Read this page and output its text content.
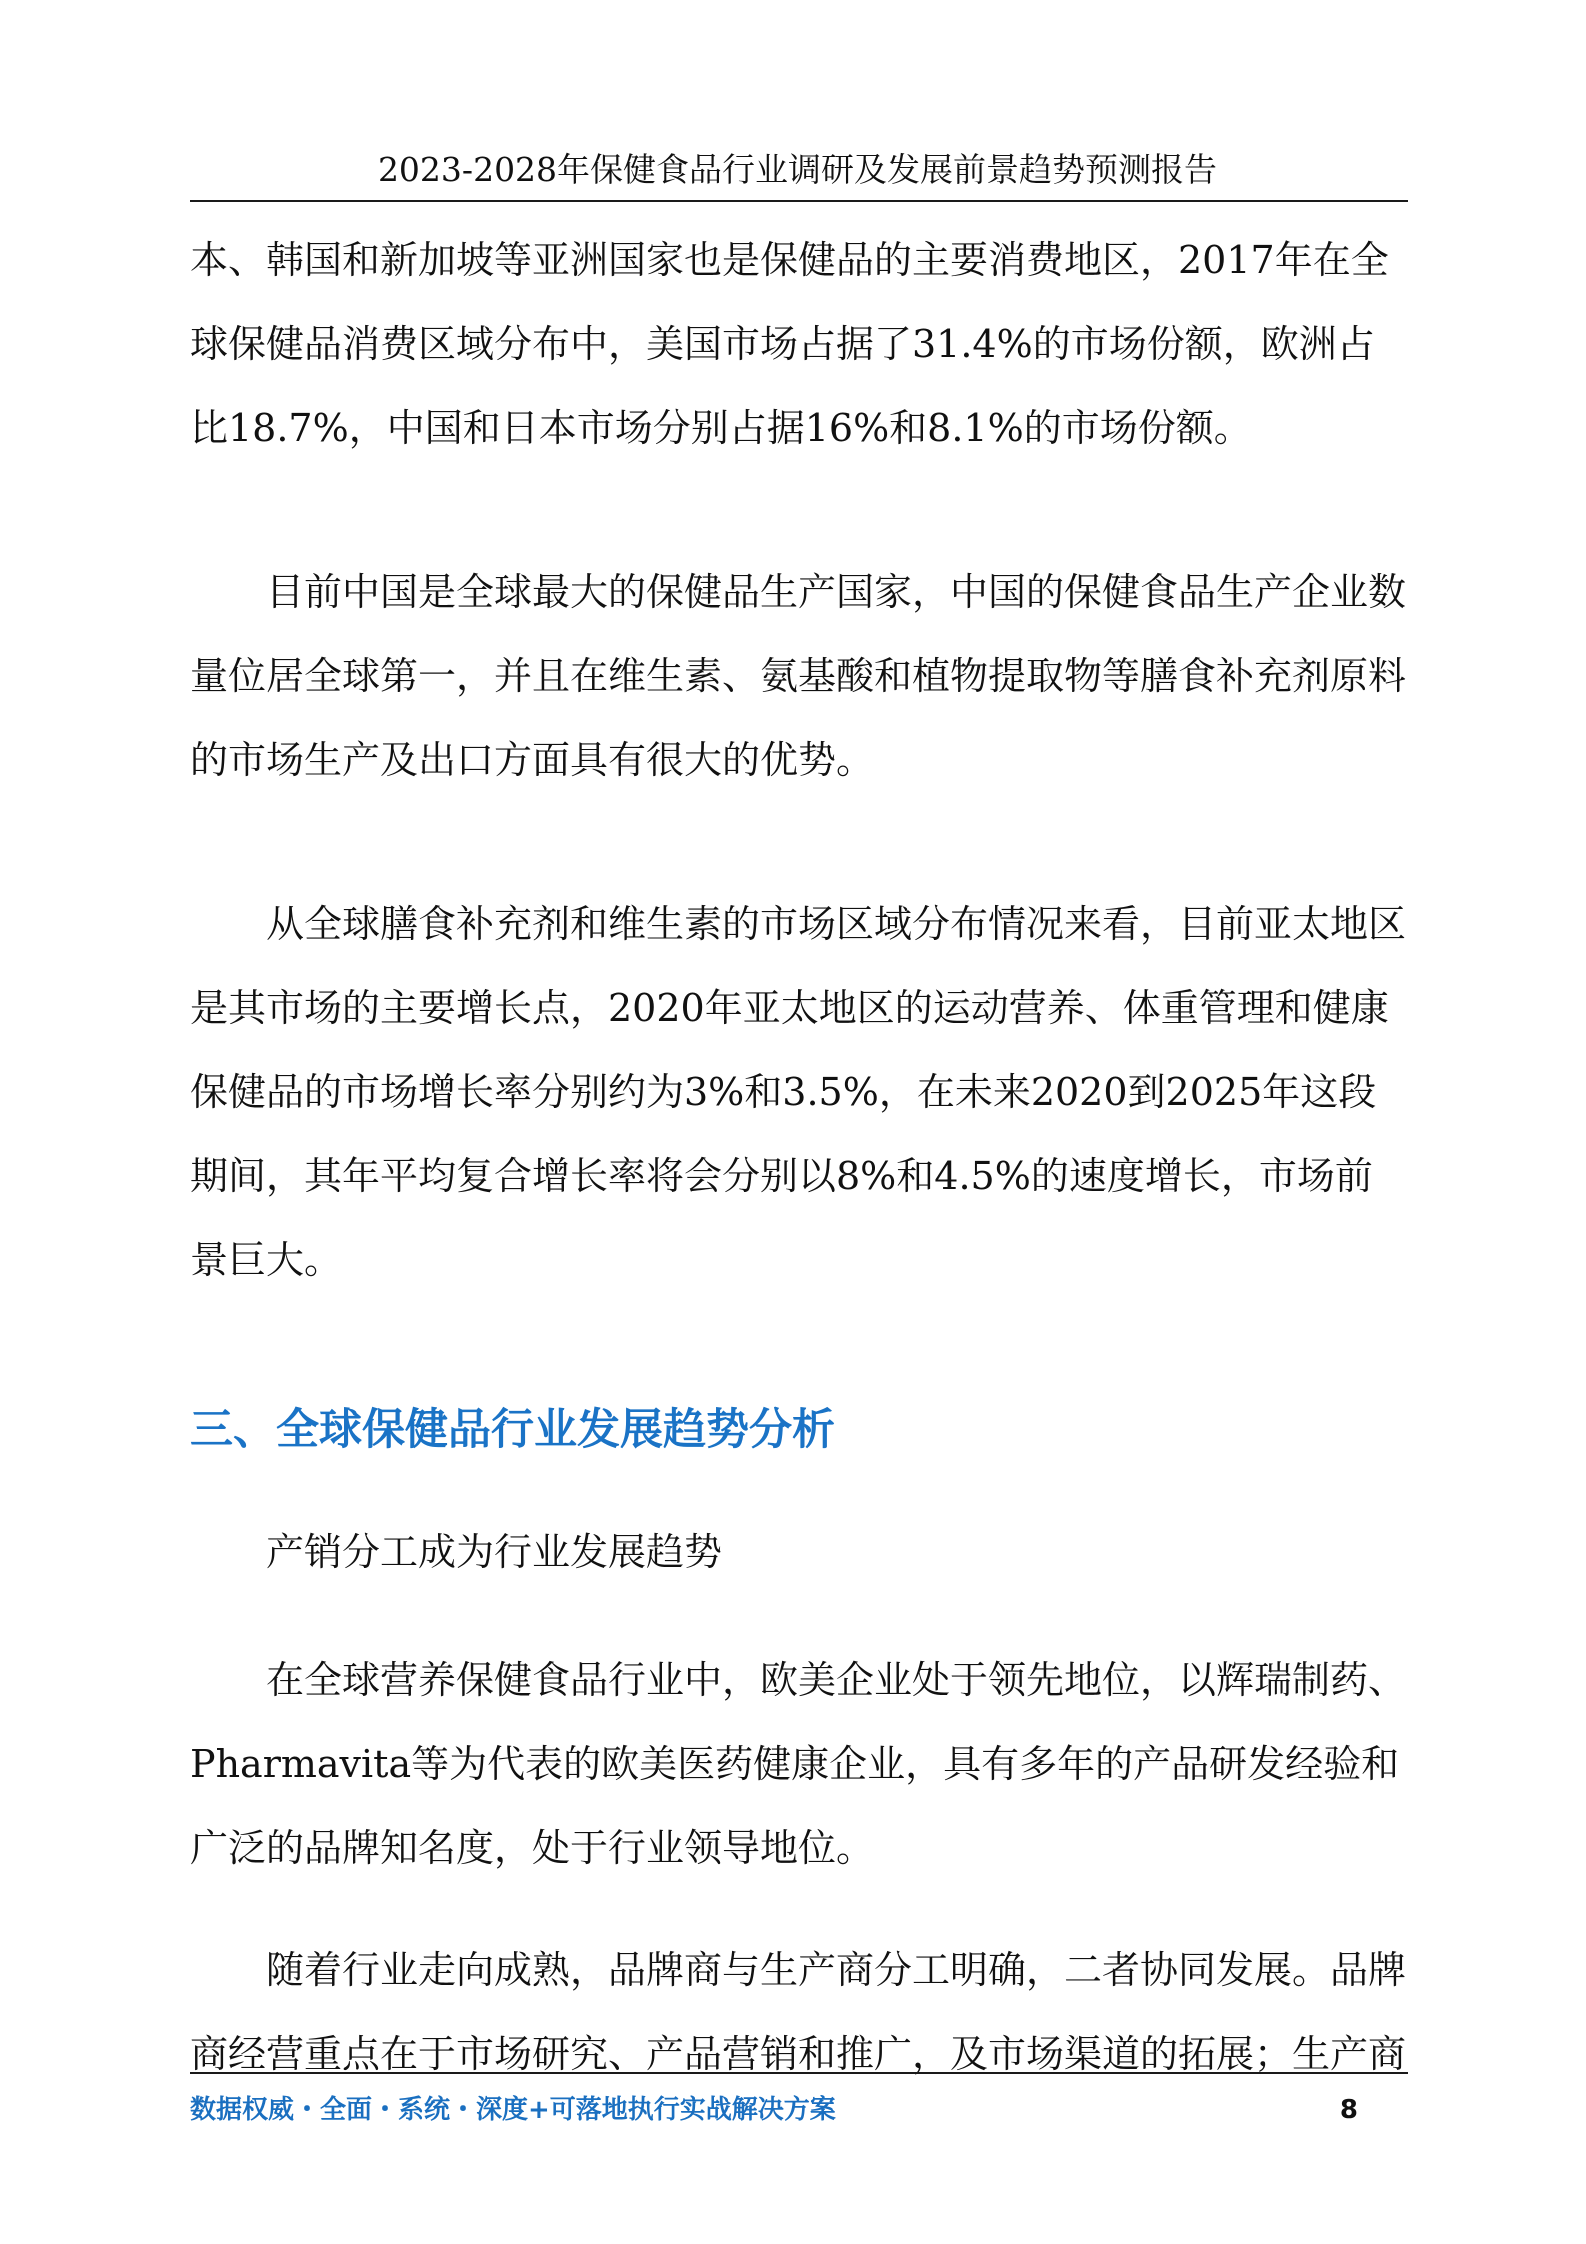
2023-2028年保健食品行业调研及发展前景趋势预测报告

本、韩国和新加坡等亚洲国家也是保健品的主要消费地区，2017年在全球保健品消费区域分布中，美国市场占据了31.4%的市场份额，欧洲占比18.7%，中国和日本市场分别占据16%和8.1%的市场份额。

目前中国是全球最大的保健品生产国家，中国的保健食品生产企业数量位居全球第一，并且在维生素、氨基酸和植物提取物等膳食补充剂原料的市场生产及出口方面具有很大的优势。

从全球膳食补充剂和维生素的市场区域分布情况来看，目前亚太地区是其市场的主要增长点，2020年亚太地区的运动营养、体重管理和健康保健品的市场增长率分别约为3%和3.5%，在未来2020到2025年这段期间，其年平均复合增长率将会分别以8%和4.5%的速度增长，市场前景巨大。

三、全球保健品行业发展趋势分析

产销分工成为行业发展趋势

在全球营养保健食品行业中，欧美企业处于领先地位，以辉瑞制药、Pharmavita等为代表的欧美医药健康企业，具有多年的产品研发经验和广泛的品牌知名度，处于行业领导地位。

随着行业走向成熟，品牌商与生产商分工明确，二者协同发展。品牌商经营重点在于市场研究、产品营销和推广，及市场渠道的拓展；生产商

数据权威・全面・系统・深度+可落地执行实战解决方案	8
